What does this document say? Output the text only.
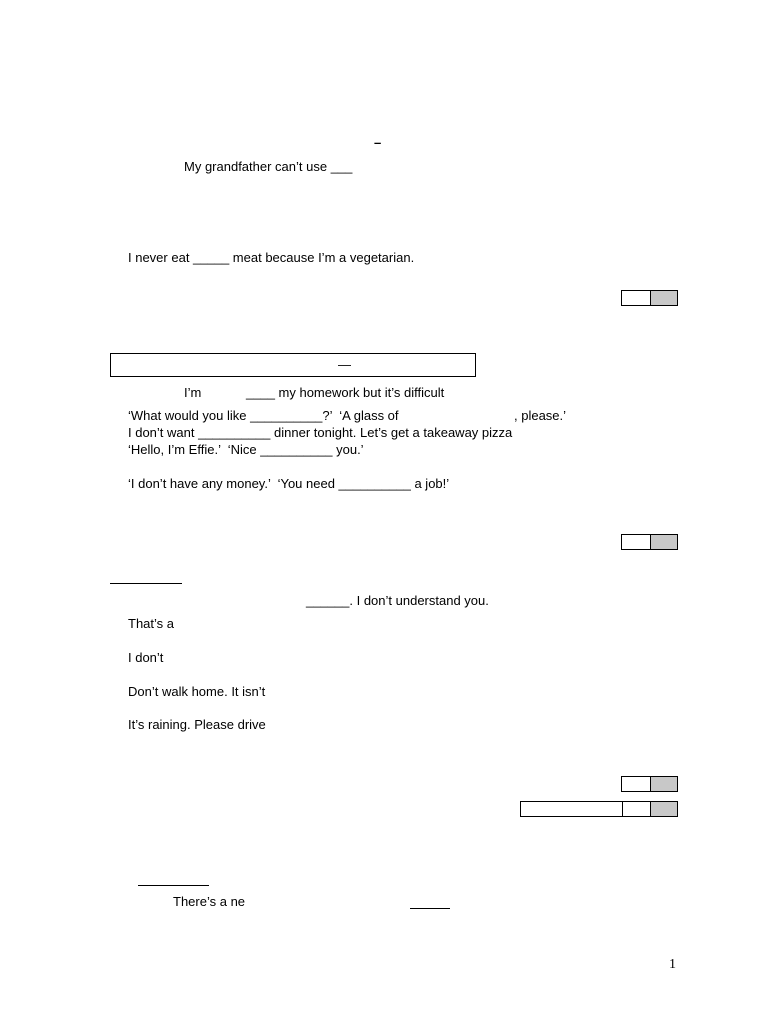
–
My grandfather can’t use ___
I never eat _____ meat because I’m a vegetarian.
—
I’m	____ my homework but it’s difficult
‘What would you like __________?’  ‘A glass of	, please.’
I don’t want __________ dinner tonight. Let’s get a takeaway pizza
‘Hello, I’m Effie.’  ‘Nice __________ you.’
‘I don’t have any money.’  ‘You need __________ a job!’
______. I don’t understand you.
That’s a
I don’t
Don’t walk home. It isn’t
It’s raining. Please drive
There’s a ne
1
